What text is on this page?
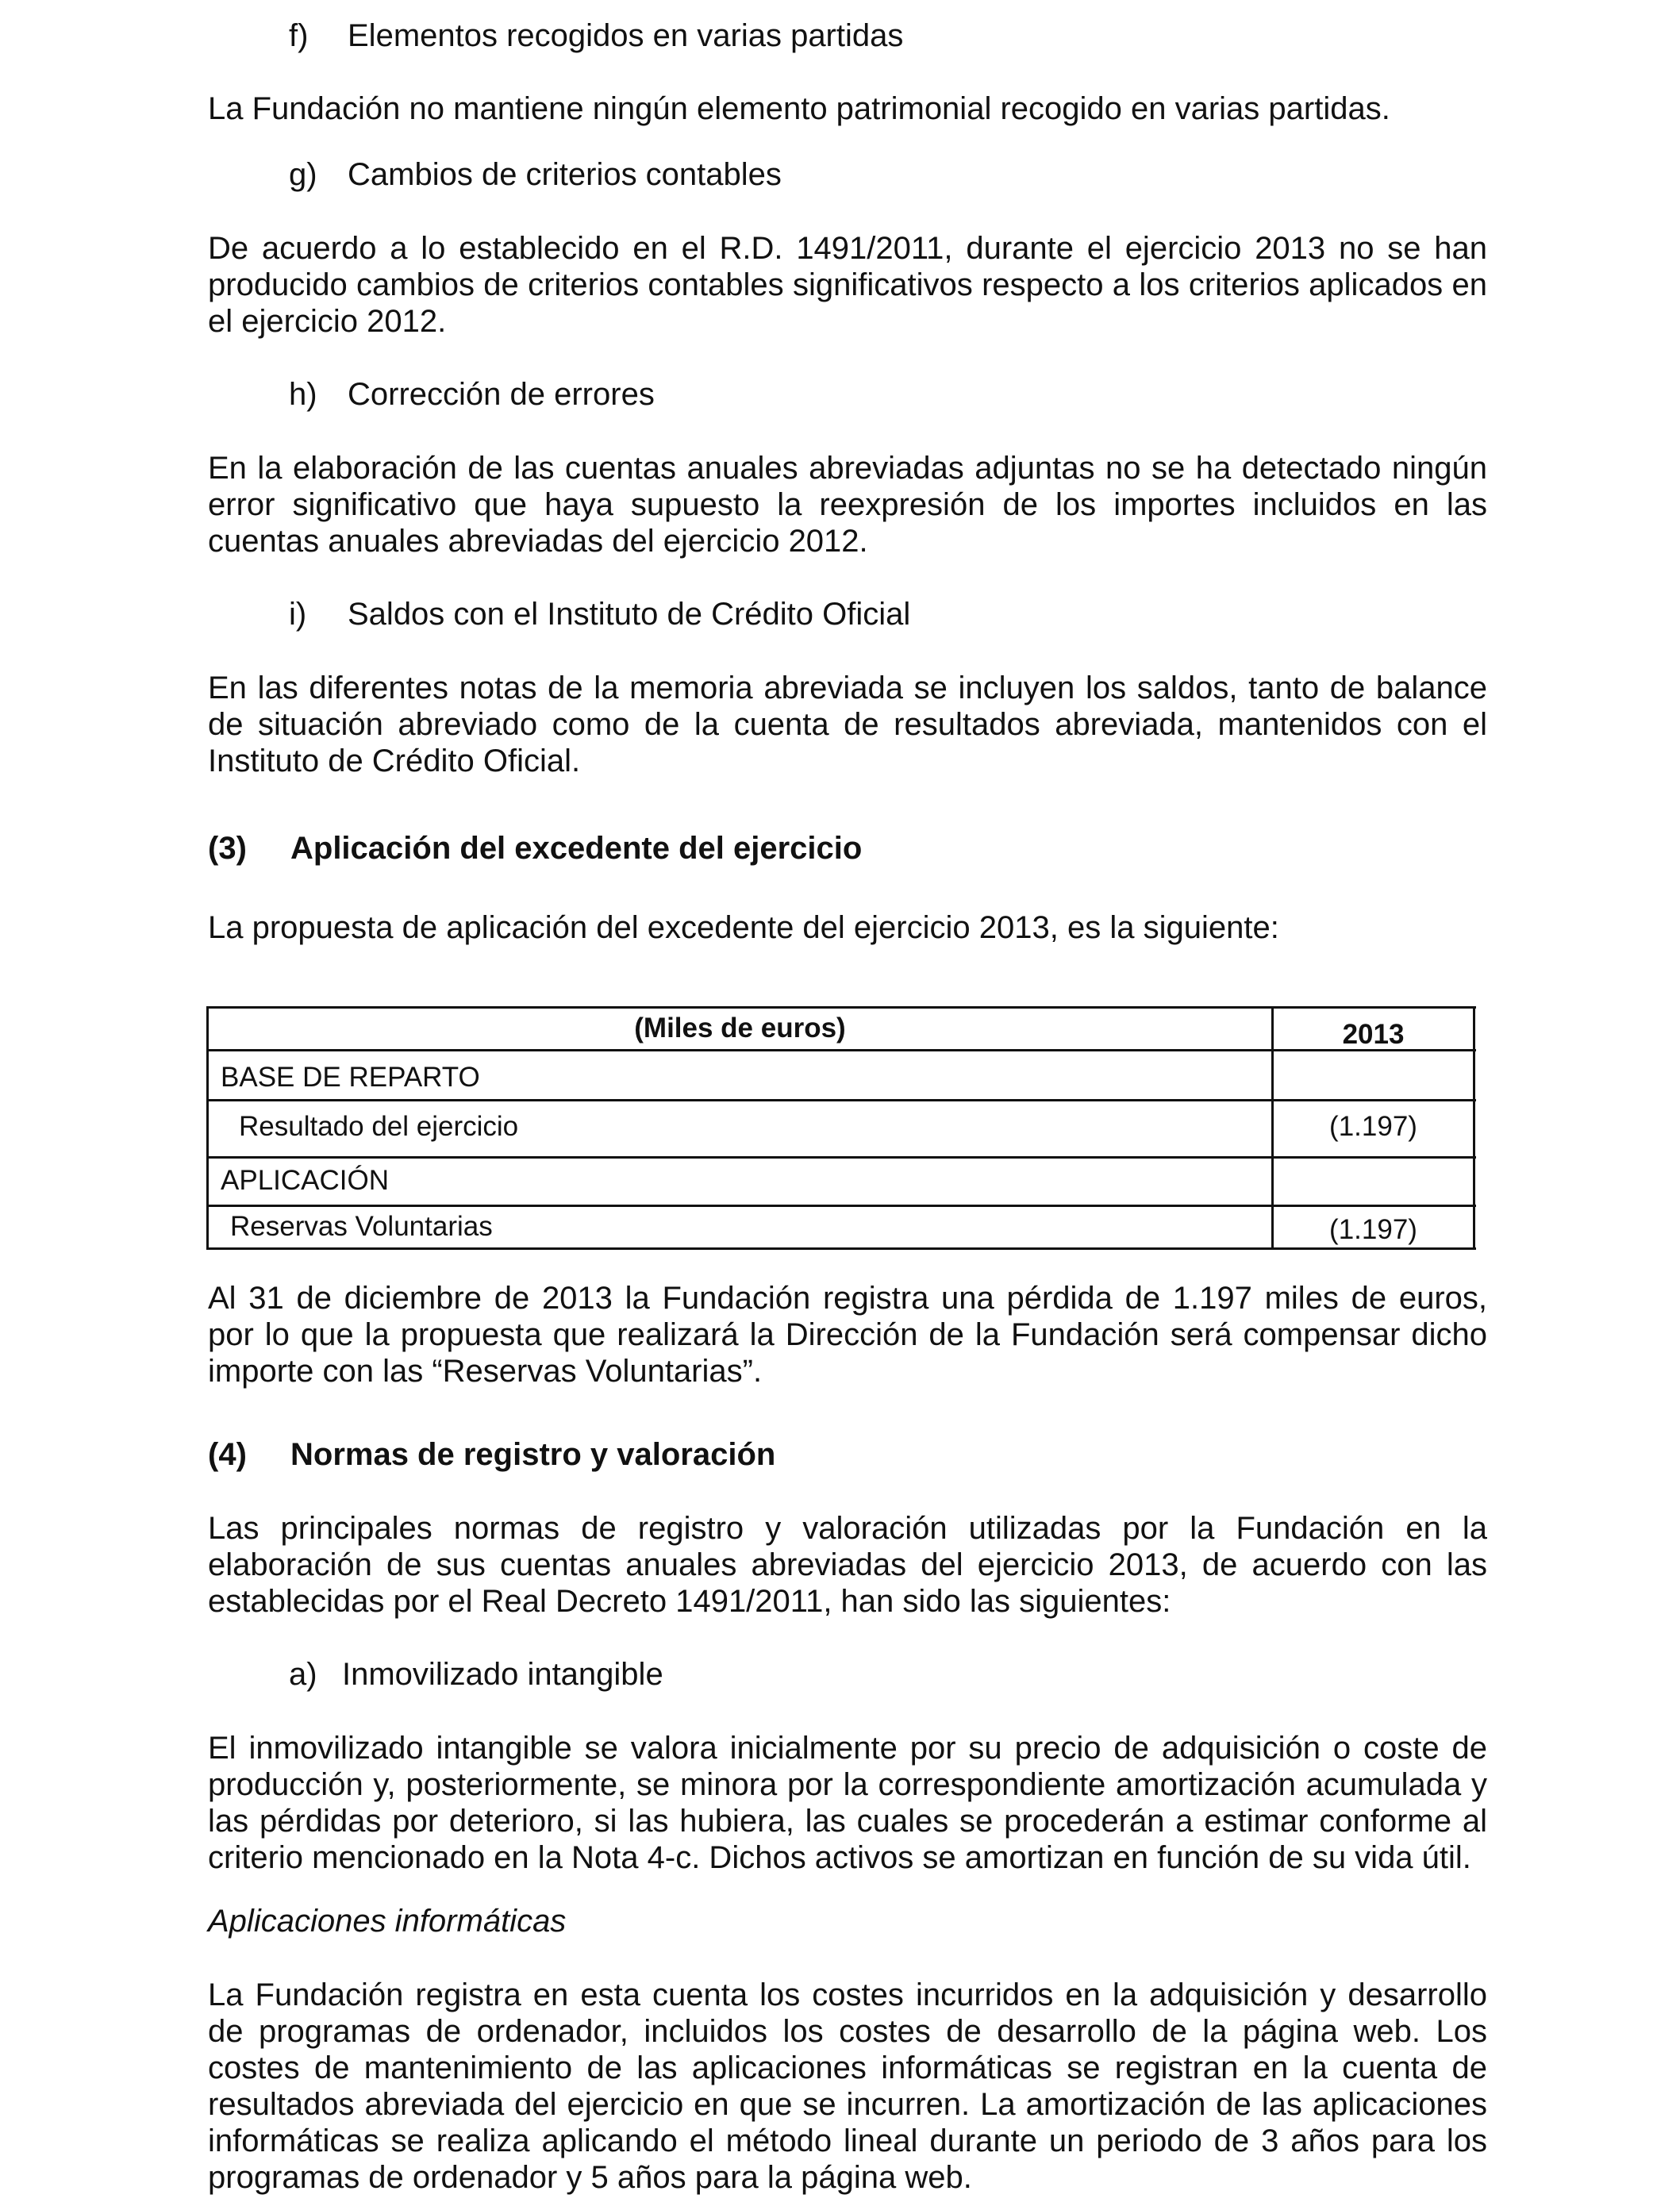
f) Elementos recogidos en varias partidas

La Fundación no mantiene ningún elemento patrimonial recogido en varias partidas.

g) Cambios de criterios contables

De acuerdo a lo establecido en el R.D. 1491/2011, durante el ejercicio 2013 no se han producido cambios de criterios contables significativos respecto a los criterios aplicados en el ejercicio 2012.

h) Corrección de errores

En la elaboración de las cuentas anuales abreviadas adjuntas no se ha detectado ningún error significativo que haya supuesto la reexpresión de los importes incluidos en las cuentas anuales abreviadas del ejercicio 2012.

i) Saldos con el Instituto de Crédito Oficial

En las diferentes notas de la memoria abreviada se incluyen los saldos, tanto de balance de situación abreviado como de la cuenta de resultados abreviada, mantenidos con el Instituto de Crédito Oficial.

(3) Aplicación del excedente del ejercicio

La propuesta de aplicación del excedente del ejercicio 2013, es la siguiente:

(Miles de euros)	2013
BASE DE REPARTO
Resultado del ejercicio	(1.197)
APLICACIÓN
Reservas Voluntarias	(1.197)

Al 31 de diciembre de 2013 la Fundación registra una pérdida de 1.197 miles de euros, por lo que la propuesta que realizará la Dirección de la Fundación será compensar dicho importe con las “Reservas Voluntarias”.

(4) Normas de registro y valoración

Las principales normas de registro y valoración utilizadas por la Fundación en la elaboración de sus cuentas anuales abreviadas del ejercicio 2013, de acuerdo con las establecidas por el Real Decreto 1491/2011, han sido las siguientes:

a) Inmovilizado intangible

El inmovilizado intangible se valora inicialmente por su precio de adquisición o coste de producción y, posteriormente, se minora por la correspondiente amortización acumulada y las pérdidas por deterioro, si las hubiera, las cuales se procederán a estimar conforme al criterio mencionado en la Nota 4-c. Dichos activos se amortizan en función de su vida útil.

Aplicaciones informáticas

La Fundación registra en esta cuenta los costes incurridos en la adquisición y desarrollo de programas de ordenador, incluidos los costes de desarrollo de la página web. Los costes de mantenimiento de las aplicaciones informáticas se registran en la cuenta de resultados abreviada del ejercicio en que se incurren. La amortización de las aplicaciones informáticas se realiza aplicando el método lineal durante un periodo de 3 años para los programas de ordenador y 5 años para la página web.
